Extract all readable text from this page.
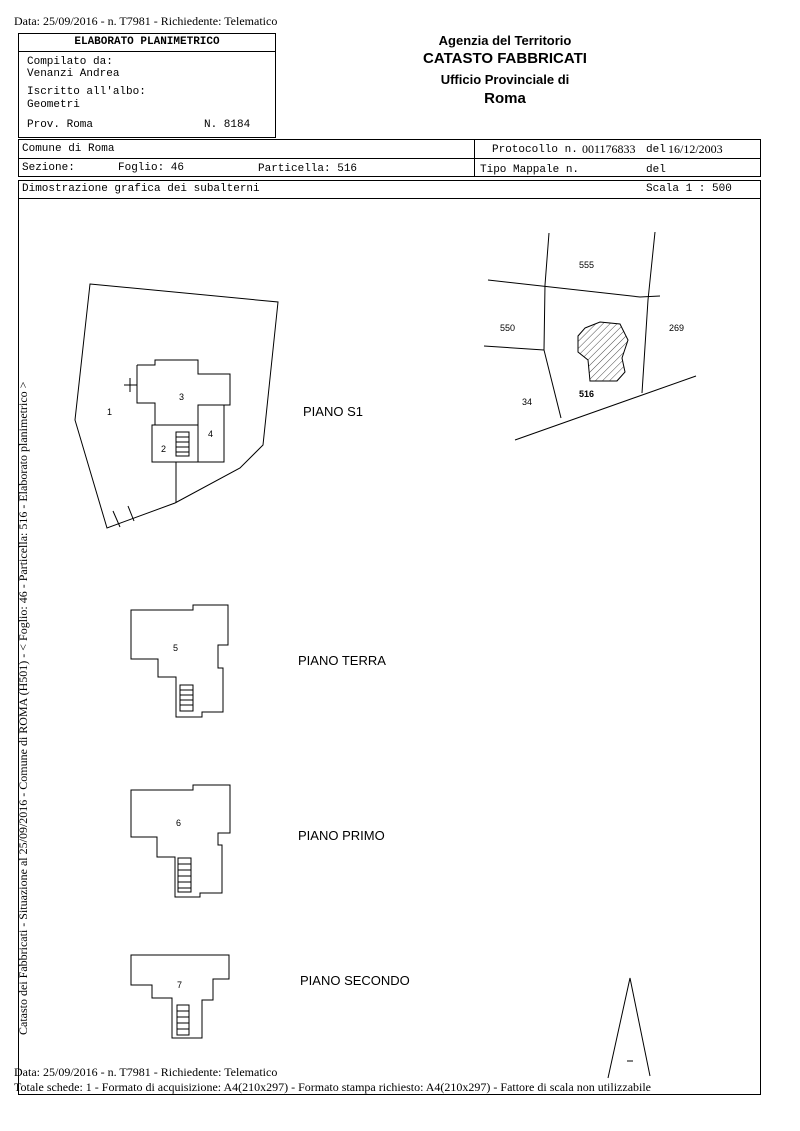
Data: 25/09/2016 - n. T7981 - Richiedente: Telematico
ELABORATO PLANIMETRICO
Compilato da:
Venanzi Andrea
Iscritto all'albo:
Geometri
Prov. Roma	N. 8184
Agenzia del Territorio
CATASTO FABBRICATI
Ufficio Provinciale di
Roma
Comune di Roma
Sezione:	Foglio: 46	Particella: 516
Protocollo n. 001176833 del 16/12/2003
Tipo Mappale n.	del
Dimostrazione grafica dei subalterni	Scala 1 : 500
Catasto dei Fabbricati - Situazione al 25/09/2016 - Comune di ROMA (H501) - < Foglio: 46 - Particella: 516 - Elaborato planimetrico >
555
550	269
34
516
1
2
3
4
PIANO S1
5
PIANO TERRA
6
PIANO PRIMO
7	PIANO SECONDO
Data: 25/09/2016 - n. T7981 - Richiedente: Telematico
Totale schede: 1 - Formato di acquisizione: A4(210x297) - Formato stampa richiesto: A4(210x297) - Fattore di scala non utilizzabile
